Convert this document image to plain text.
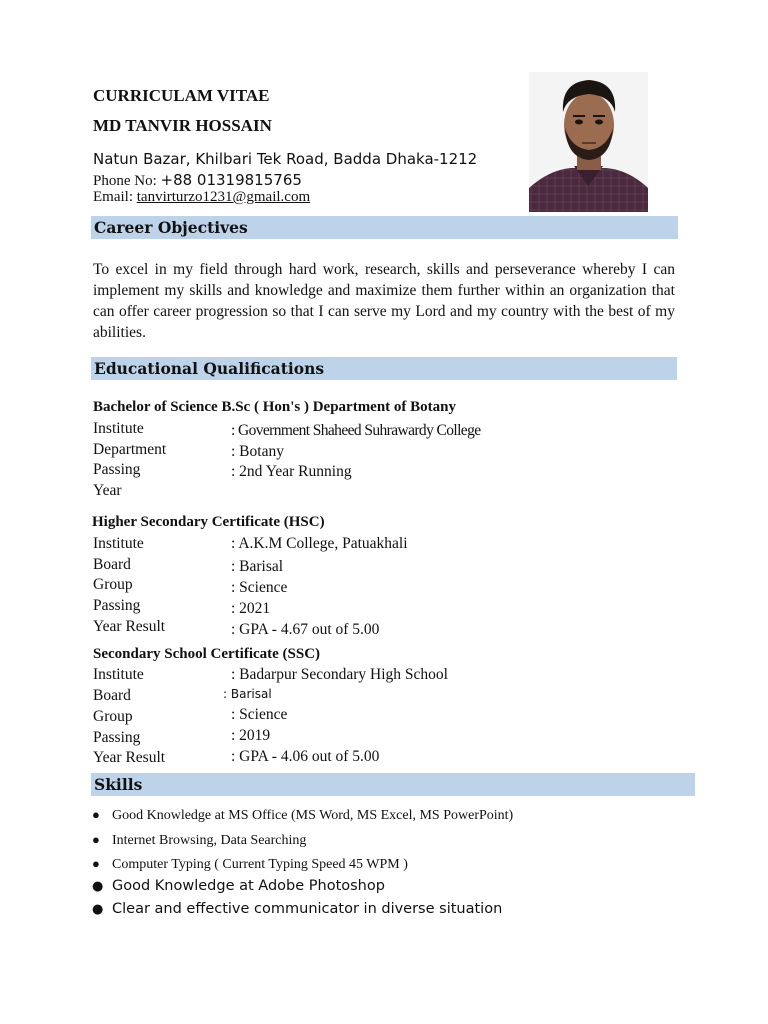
CURRICULAM VITAE
MD TANVIR HOSSAIN
Natun Bazar, Khilbari Tek Road, Badda Dhaka-1212
Phone No: +88 01319815765
Email: tanvirturzo1231@gmail.com
Career Objectives
To excel in my field through hard work, research, skills and perseverance whereby I can implement my skills and knowledge and maximize them further within an organization that can offer career progression so that I can serve my Lord and my country with the best of my abilities.
Educational Qualifications
Bachelor of Science B.Sc ( Hon's ) Department of Botany
Institute	: Government Shaheed Suhrawardy College
Department	: Botany
Passing	: 2nd Year Running
Year
Higher Secondary Certificate (HSC)
Institute	: A.K.M College, Patuakhali
Board	: Barisal
Group	: Science
Passing	: 2021
Year Result	: GPA - 4.67 out of 5.00
Secondary School Certificate (SSC)
Institute	: Badarpur Secondary High School
Board	: Barisal
Group	: Science
Passing	: 2019
Year Result	: GPA - 4.06 out of 5.00
Skills
● Good Knowledge at MS Office (MS Word, MS Excel, MS PowerPoint)
● Internet Browsing, Data Searching
● Computer Typing ( Current Typing Speed 45 WPM )
● Good Knowledge at Adobe Photoshop
● Clear and effective communicator in diverse situation
